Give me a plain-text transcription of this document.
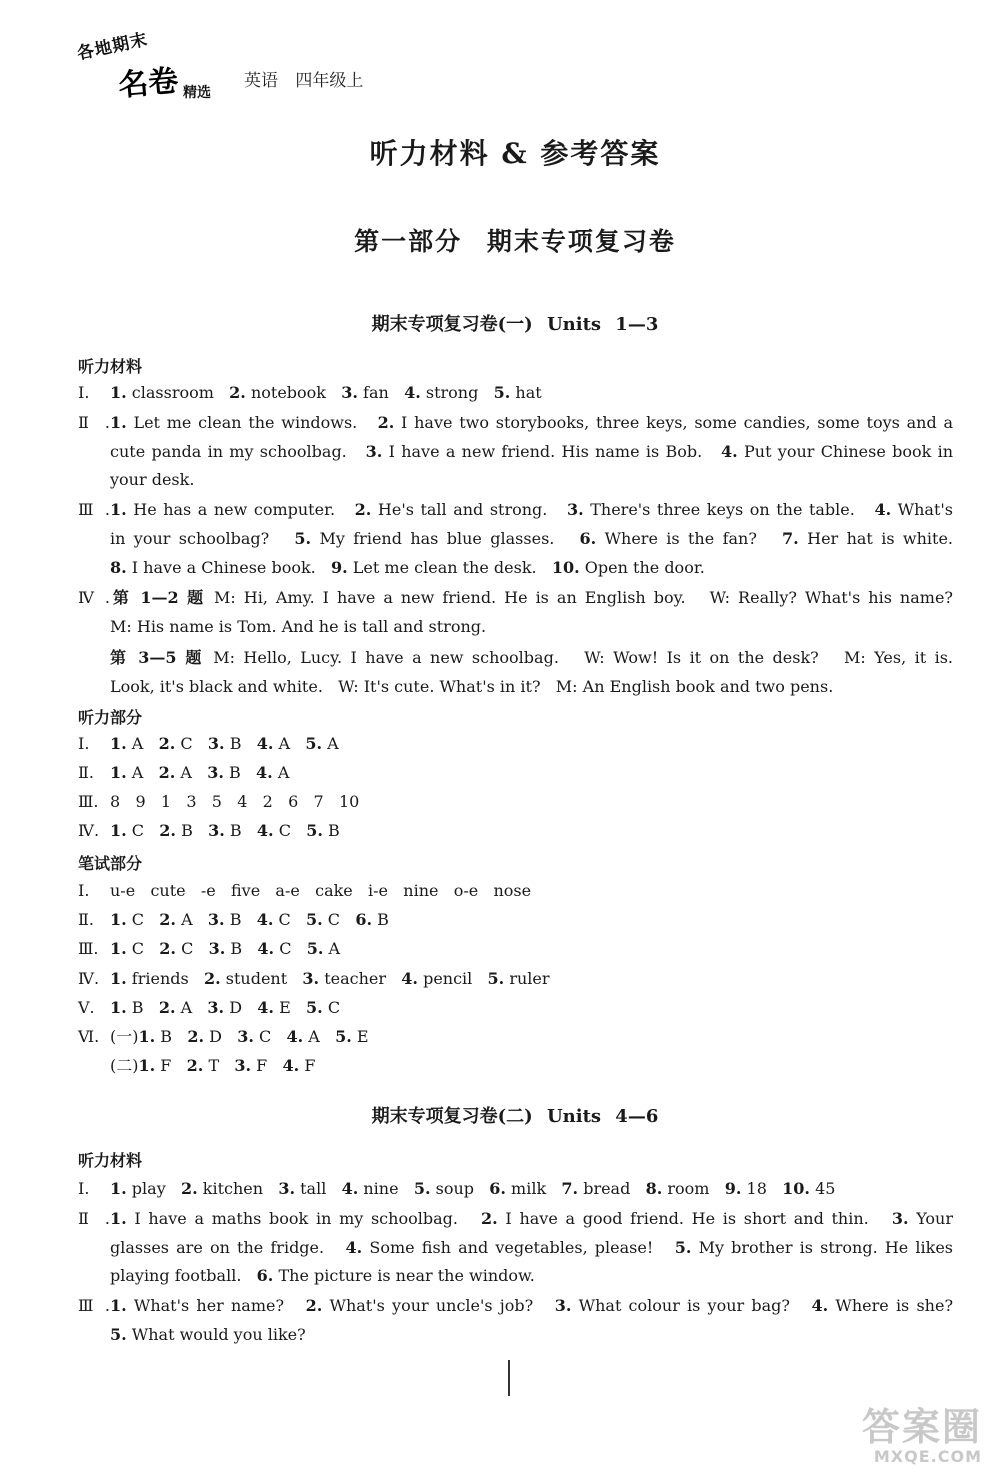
各地期末
名卷 精选
英语 四年级上
听力材料 & 参考答案
第一部分 期末专项复习卷
期末专项复习卷(一) Units 1—3
听力材料
Ⅰ. 1. classroom   2. notebook   3. fan   4. strong   5. hat
Ⅱ.1. Let me clean the windows.   2. I have two storybooks, three keys, some candies, some toys and a
cute panda in my schoolbag.   3. I have a new friend. His name is Bob.   4. Put your Chinese book in
your desk.
Ⅲ.1. He has a new computer.   2. He's tall and strong.   3. There's three keys on the table.   4. What's
in your schoolbag?   5. My friend has blue glasses.   6. Where is the fan?   7. Her hat is white.
8. I have a Chinese book.   9. Let me clean the desk.   10. Open the door.
Ⅳ.第 1—2 题 M: Hi, Amy. I have a new friend. He is an English boy.   W: Really? What's his name?
M: His name is Tom. And he is tall and strong.
第 3—5 题 M: Hello, Lucy. I have a new schoolbag.   W: Wow! Is it on the desk?   M: Yes, it is.
Look, it's black and white.   W: It's cute. What's in it?   M: An English book and two pens.
听力部分
Ⅰ. 1. A   2. C   3. B   4. A   5. A
Ⅱ. 1. A   2. A   3. B   4. A
Ⅲ. 8   9   1   3   5   4   2   6   7   10
Ⅳ. 1. C   2. B   3. B   4. C   5. B
笔试部分
Ⅰ. u-e   cute   -e   five   a-e   cake   i-e   nine   o-e   nose
Ⅱ. 1. C   2. A   3. B   4. C   5. C   6. B
Ⅲ. 1. C   2. C   3. B   4. C   5. A
Ⅳ. 1. friends   2. student   3. teacher   4. pencil   5. ruler
Ⅴ. 1. B   2. A   3. D   4. E   5. C
Ⅵ. (一)1. B   2. D   3. C   4. A   5. E
(二)1. F   2. T   3. F   4. F
期末专项复习卷(二) Units 4—6
听力材料
Ⅰ. 1. play   2. kitchen   3. tall   4. nine   5. soup   6. milk   7. bread   8. room   9. 18   10. 45
Ⅱ.1. I have a maths book in my schoolbag.   2. I have a good friend. He is short and thin.   3. Your
glasses are on the fridge.   4. Some fish and vegetables, please!   5. My brother is strong. He likes
playing football.   6. The picture is near the window.
Ⅲ.1. What's her name?   2. What's your uncle's job?   3. What colour is your bag?   4. Where is she?
5. What would you like?
答案圈
MXQE.COM
